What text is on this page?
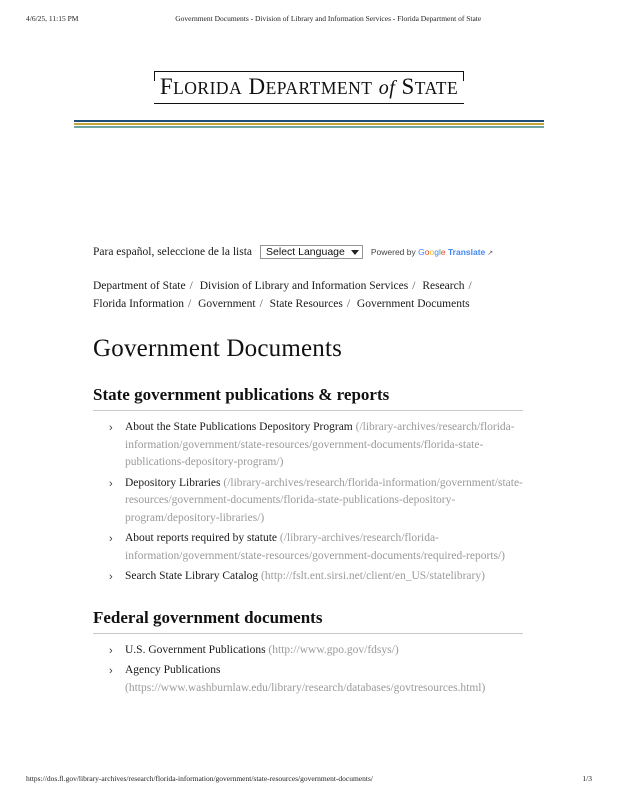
4/6/25, 11:15 PM	Government Documents - Division of Library and Information Services - Florida Department of State
FLORIDA DEPARTMENT of STATE
Para español, seleccione de la lista Select Language	Powered by Google Translate ↗
Department of State / Division of Library and Information Services / Research / Florida Information / Government / State Resources / Government Documents
Government Documents
State government publications & reports
› About the State Publications Depository Program (/library-archives/research/florida-information/government/state-resources/government-documents/florida-state-publications-depository-program/)
› Depository Libraries (/library-archives/research/florida-information/government/state-resources/government-documents/florida-state-publications-depository-program/depository-libraries/)
› About reports required by statute (/library-archives/research/florida-information/government/state-resources/government-documents/required-reports/)
› Search State Library Catalog (http://fslt.ent.sirsi.net/client/en_US/statelibrary)
Federal government documents
› U.S. Government Publications (http://www.gpo.gov/fdsys/)
› Agency Publications
(https://www.washburnlaw.edu/library/research/databases/govtresources.html)
https://dos.fl.gov/library-archives/research/florida-information/government/state-resources/government-documents/	1/3
